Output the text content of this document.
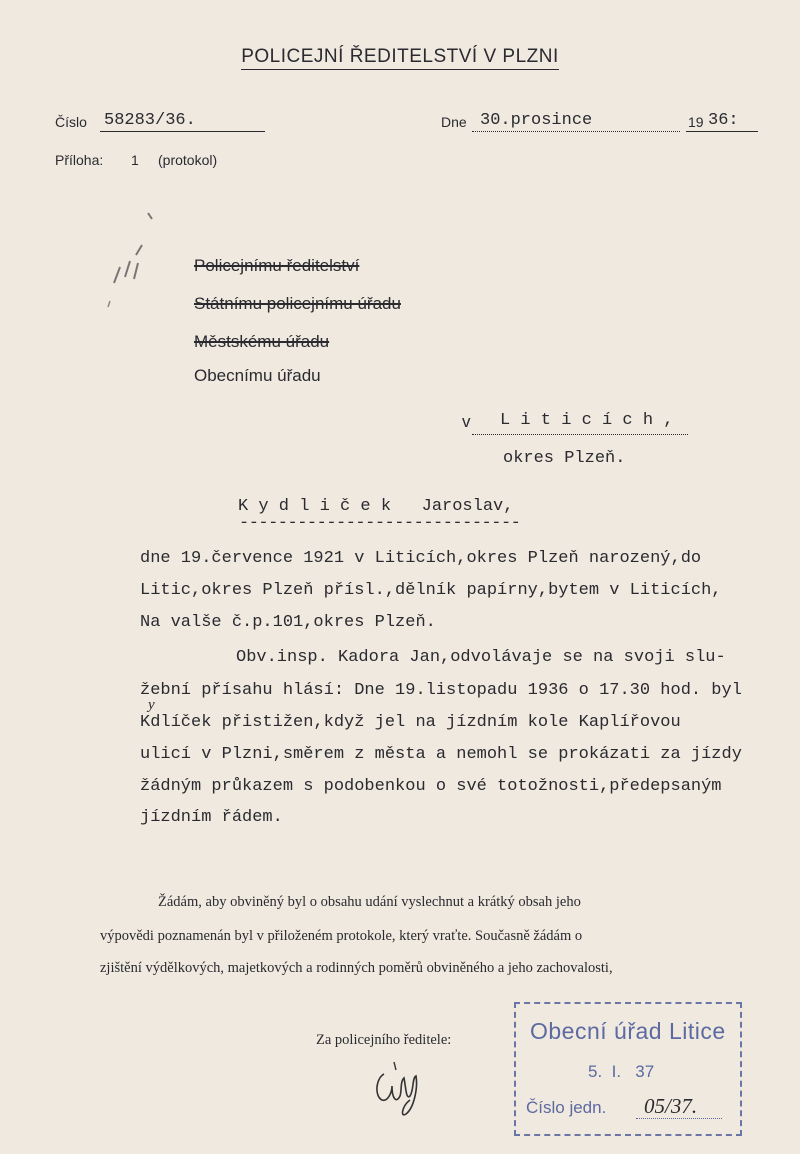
POLICEJNÍ ŘEDITELSTVÍ V PLZNI
Číslo 58283/36.	Dne 30.prosince	19 36:
Příloha: 1 (protokol)
Policejnímu ředitelství
Státnímu policejnímu úřadu
Městskému úřadu
Obecnímu úřadu
v L i t i c í c h ,
okres Plzeň.
K y d l i č e k   Jaroslav,
-----------------------------
dne 19.července 1921 v Liticích,okres Plzeň narozený,do
Litic,okres Plzeň přísl.,dělník papírny,bytem v Liticích,
Na valše č.p.101,okres Plzeň.
Obv.insp. Kadora Jan,odvolávaje se na svoji slu-
žební přísahu hlásí: Dne 19.listopadu 1936 o 17.30 hod. byl
y
Kdlíček přistižen,když jel na jízdním kole Kaplířovou
ulicí v Plzni,směrem z města a nemohl se prokázati za jízdy
žádným průkazem s podobenkou o své totožnosti,předepsaným
jízdním řádem.
Žádám, aby obviněný byl o obsahu udání vyslechnut a krátký obsah jeho
výpovědi poznamenán byl v přiloženém protokole, který vraťte. Současně žádám o
zjištění výdělkových, majetkových a rodinných poměrů obviněného a jeho zachovalosti,
Za policejního ředitele:	Obecní úřad Litice
5.  I.   37
Číslo jedn. 05/37.
